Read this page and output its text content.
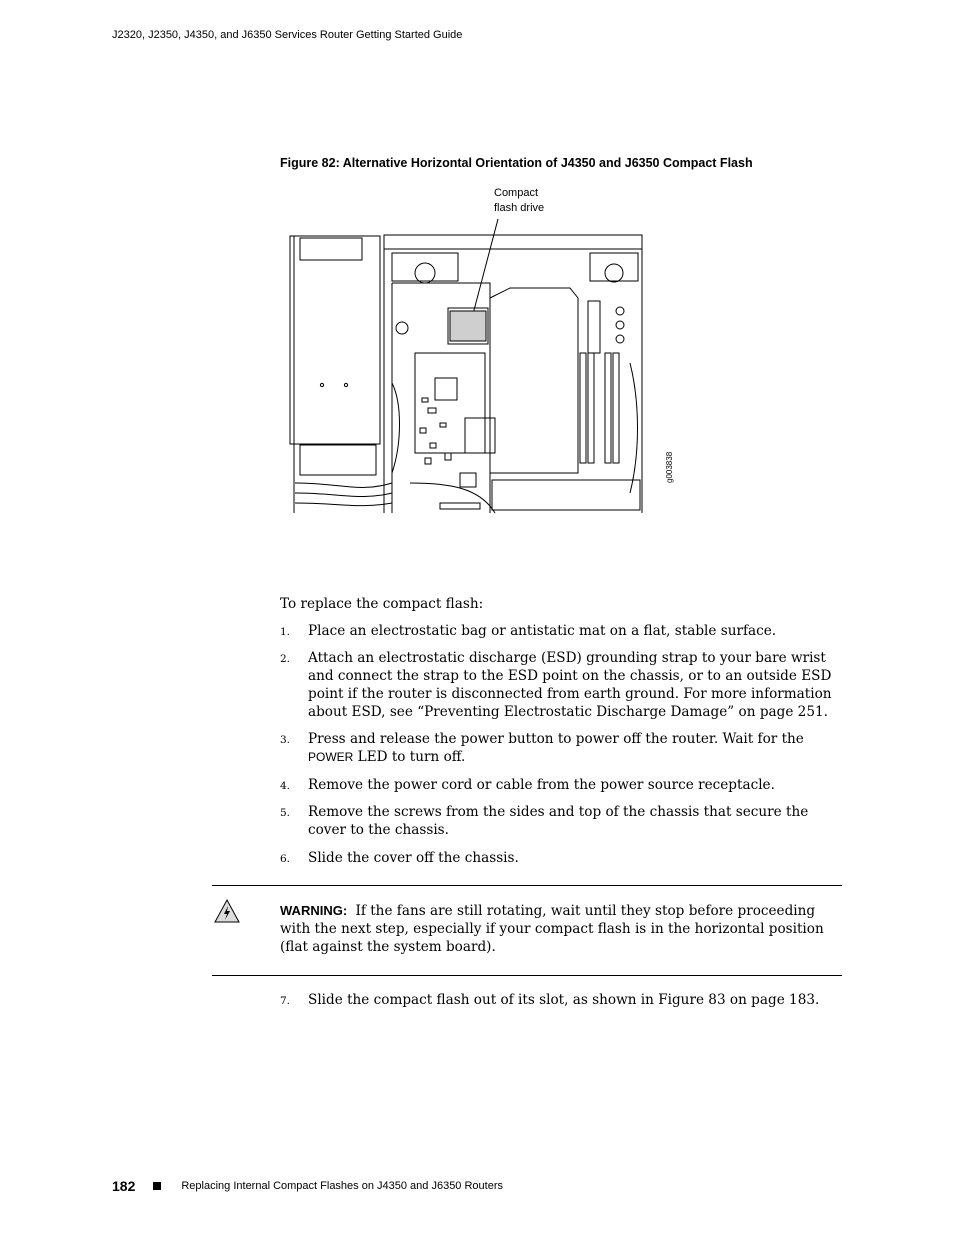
J2320, J2350, J4350, and J6350 Services Router Getting Started Guide
Figure 82: Alternative Horizontal Orientation of J4350 and J6350 Compact Flash
Compact
flash drive
g003838
To replace the compact flash:
1. Place an electrostatic bag or antistatic mat on a flat, stable surface.
2. Attach an electrostatic discharge (ESD) grounding strap to your bare wrist and connect the strap to the ESD point on the chassis, or to an outside ESD point if the router is disconnected from earth ground. For more information about ESD, see “Preventing Electrostatic Discharge Damage” on page 251.
3. Press and release the power button to power off the router. Wait for the POWER LED to turn off.
4. Remove the power cord or cable from the power source receptacle.
5. Remove the screws from the sides and top of the chassis that secure the cover to the chassis.
6. Slide the cover off the chassis.
7. Slide the compact flash out of its slot, as shown in Figure 83 on page 183.
WARNING: If the fans are still rotating, wait until they stop before proceeding with the next step, especially if your compact flash is in the horizontal position (flat against the system board).
182	Replacing Internal Compact Flashes on J4350 and J6350 Routers
